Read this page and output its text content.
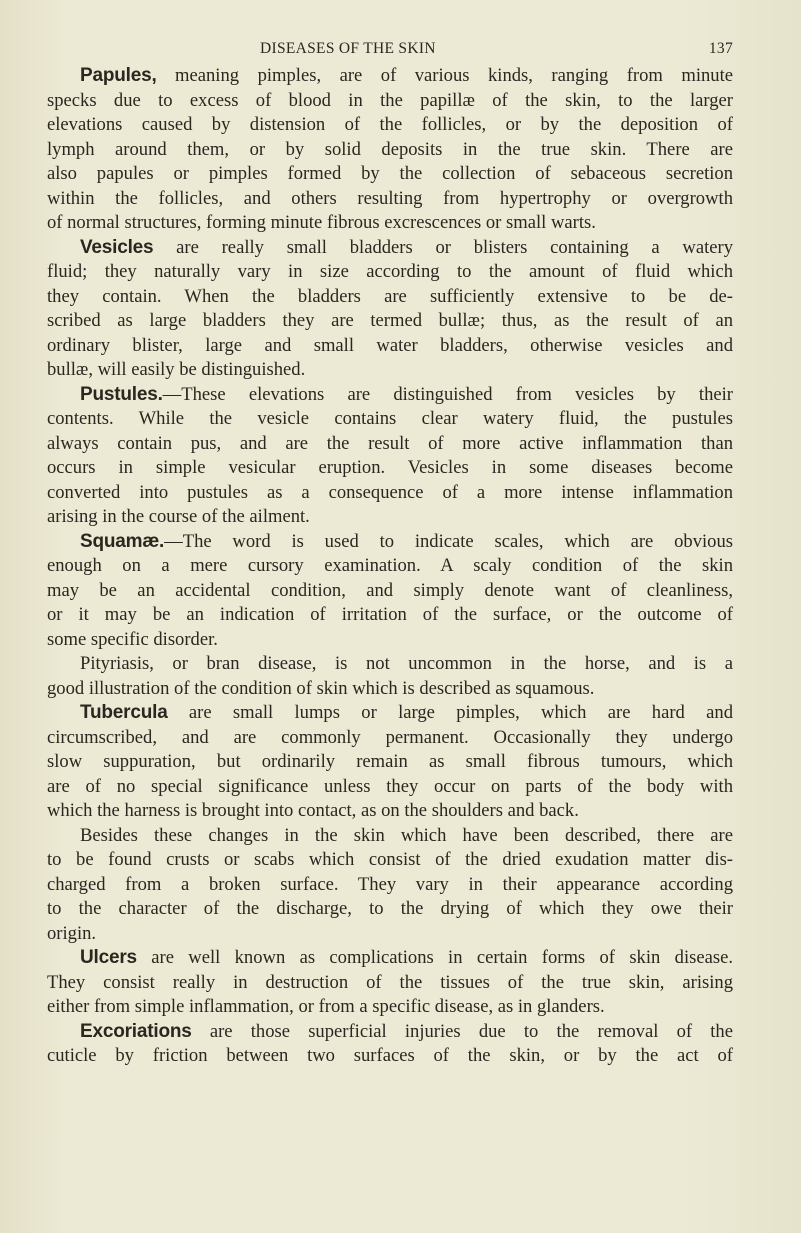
DISEASES OF THE SKIN	137
Papules, meaning pimples, are of various kinds, ranging from minute
specks due to excess of blood in the papillæ of the skin, to the larger
elevations caused by distension of the follicles, or by the deposition of
lymph around them, or by solid deposits in the true skin. There are
also papules or pimples formed by the collection of sebaceous secretion
within the follicles, and others resulting from hypertrophy or overgrowth
of normal structures, forming minute fibrous excrescences or small warts.
Vesicles are really small bladders or blisters containing a watery
fluid; they naturally vary in size according to the amount of fluid which
they contain. When the bladders are sufficiently extensive to be de-
scribed as large bladders they are termed bullæ; thus, as the result of an
ordinary blister, large and small water bladders, otherwise vesicles and
bullæ, will easily be distinguished.
Pustules.—These elevations are distinguished from vesicles by their
contents. While the vesicle contains clear watery fluid, the pustules
always contain pus, and are the result of more active inflammation than
occurs in simple vesicular eruption. Vesicles in some diseases become
converted into pustules as a consequence of a more intense inflammation
arising in the course of the ailment.
Squamæ.—The word is used to indicate scales, which are obvious
enough on a mere cursory examination. A scaly condition of the skin
may be an accidental condition, and simply denote want of cleanliness,
or it may be an indication of irritation of the surface, or the outcome of
some specific disorder.
Pityriasis, or bran disease, is not uncommon in the horse, and is a
good illustration of the condition of skin which is described as squamous.
Tubercula are small lumps or large pimples, which are hard and
circumscribed, and are commonly permanent. Occasionally they undergo
slow suppuration, but ordinarily remain as small fibrous tumours, which
are of no special significance unless they occur on parts of the body with
which the harness is brought into contact, as on the shoulders and back.
Besides these changes in the skin which have been described, there are
to be found crusts or scabs which consist of the dried exudation matter dis-
charged from a broken surface. They vary in their appearance according
to the character of the discharge, to the drying of which they owe their
origin.
Ulcers are well known as complications in certain forms of skin disease.
They consist really in destruction of the tissues of the true skin, arising
either from simple inflammation, or from a specific disease, as in glanders.
Excoriations are those superficial injuries due to the removal of the
cuticle by friction between two surfaces of the skin, or by the act of
